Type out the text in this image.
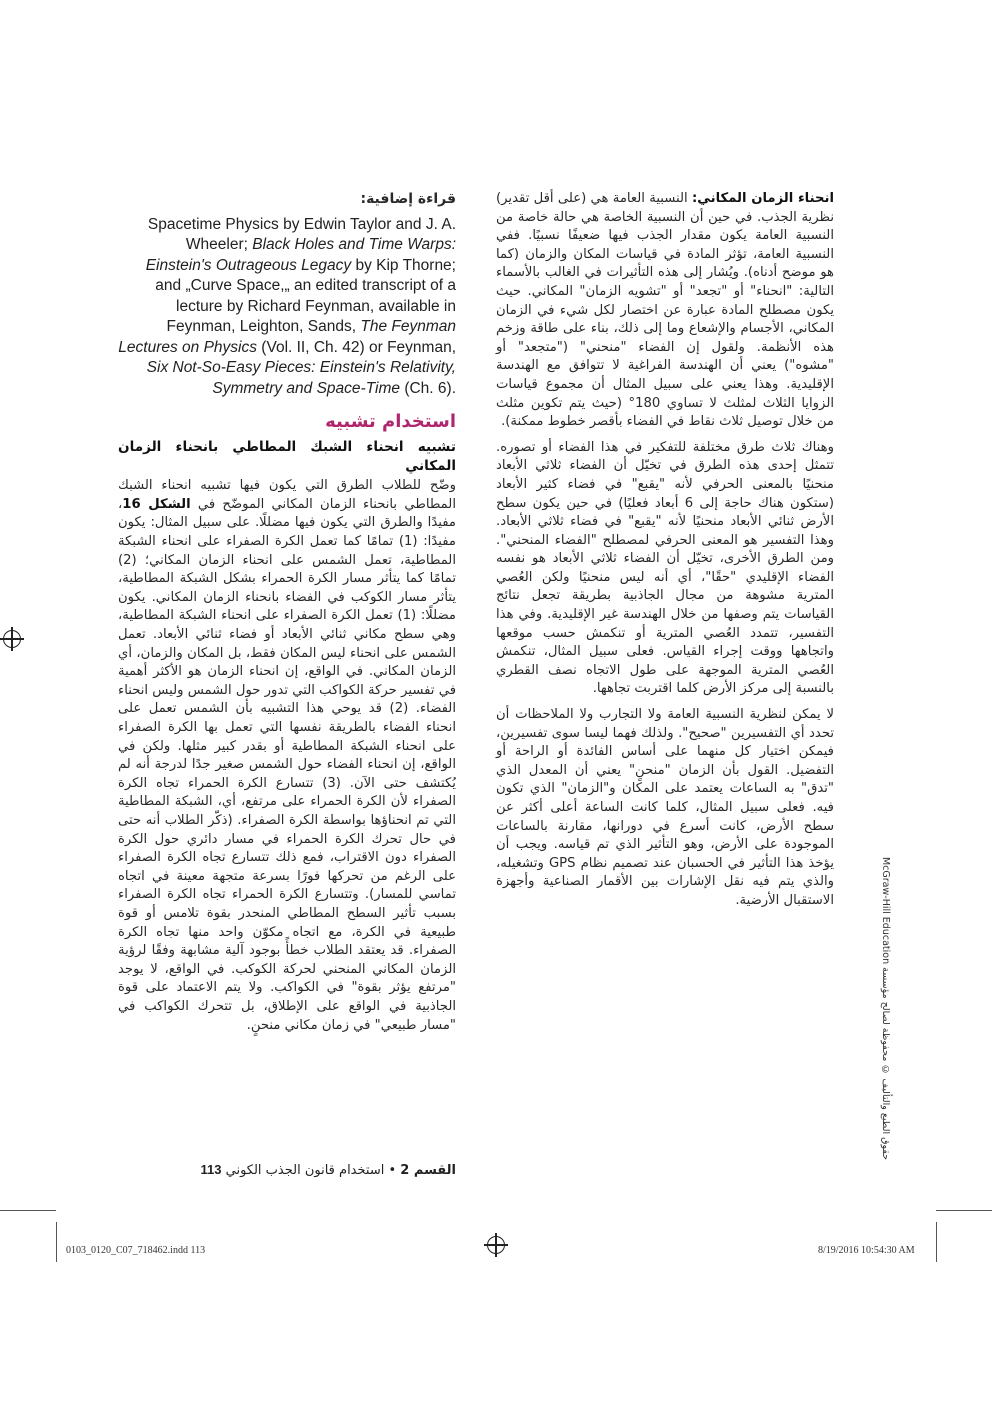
انحناء الزمان المكاني: النسبية العامة هي (على أقل تقدير) نظرية الجذب. في حين أن النسبية الخاصة هي حالة خاصة من النسبية العامة يكون مقدار الجذب فيها ضعيفًا نسبيًا. ففي النسبية العامة، تؤثر المادة في قياسات المكان والزمان (كما هو موضح أدناه). ويُشار إلى هذه التأثيرات في الغالب بالأسماء التالية: "انحناء" أو "تجعد" أو "تشويه الزمان" المكاني. حيث يكون مصطلح المادة عبارة عن اختصار لكل شيء في الزمان المكاني، الأجسام والإشعاع وما إلى ذلك، بناء على طاقة وزخم هذه الأنظمة. ولقول إن الفضاء "منحني" ("متجعد" أو "مشوه") يعني أن الهندسة الفراغية لا تتوافق مع الهندسة الإقليدية. وهذا يعني على سبيل المثال أن مجموع قياسات الزوايا الثلاث لمثلث لا تساوي 180° (حيث يتم تكوين مثلث من خلال توصيل ثلاث نقاط في الفضاء بأقصر خطوط ممكنة).

وهناك ثلاث طرق مختلفة للتفكير في هذا الفضاء أو تصوره. تتمثل إحدى هذه الطرق في تخيّل أن الفضاء ثلاثي الأبعاد منحنيًا بالمعنى الحرفي لأنه "يقبع" في فضاء كثير الأبعاد (ستكون هناك حاجة إلى 6 أبعاد فعليًا) في حين يكون سطح الأرض ثنائي الأبعاد منحنيًا لأنه "يقبع" في فضاء ثلاثي الأبعاد. وهذا التفسير هو المعنى الحرفي لمصطلح "الفضاء المنحني". ومن الطرق الأخرى، تخيّل أن الفضاء ثلاثي الأبعاد هو نفسه الفضاء الإقليدي "حقًا"، أي أنه ليس منحنيًا ولكن العُصي المترية مشوهة من مجال الجاذبية بطريقة تجعل نتائج القياسات يتم وصفها من خلال الهندسة غير الإقليدية. وفي هذا التفسير، تتمدد العُصي المترية أو تنكمش حسب موقعها واتجاهها ووقت إجراء القياس. فعلى سبيل المثال، تنكمش العُصي المترية الموجهة على طول الاتجاه نصف القطري بالنسبة إلى مركز الأرض كلما اقتربت تجاهها.

لا يمكن لنظرية النسبية العامة ولا التجارب ولا الملاحظات أن تحدد أي التفسيرين "صحيح". ولذلك فهما ليسا سوى تفسيرين، فيمكن اختيار كل منهما على أساس الفائدة أو الراحة أو التفضيل. القول بأن الزمان "منحنٍ" يعني أن المعدل الذي "تدق" به الساعات يعتمد على المكان و"الزمان" الذي تكون فيه. فعلى سبيل المثال، كلما كانت الساعة أعلى أكثر عن سطح الأرض، كانت أسرع في دورانها، مقارنة بالساعات الموجودة على الأرض، وهو التأثير الذي تم قياسه. ويجب أن يؤخذ هذا التأثير في الحسبان عند تصميم نظام GPS وتشغيله، والذي يتم فيه نقل الإشارات بين الأقمار الصناعية وأجهزة الاستقبال الأرضية.

قراءة إضافية:
Spacetime Physics by Edwin Taylor and J. A. Wheeler; Black Holes and Time Warps: Einstein's Outrageous Legacy by Kip Thorne; and „Curve Space,„ an edited transcript of a lecture by Richard Feynman, available in Feynman, Leighton, Sands, The Feynman Lectures on Physics (Vol. II, Ch. 42) or Feynman, Six Not-So-Easy Pieces: Einstein's Relativity, Symmetry and Space-Time (Ch. 6).
استخدام تشبيه
تشبيه انحناء الشبك المطاطي بانحناء الزمان المكاني

وضّح للطلاب الطرق التي يكون فيها تشبيه انحناء الشبك المطاطي بانحناء الزمان المكاني الموضّح في الشكل 16، مفيدًا والطرق التي يكون فيها مضللًا. على سبيل المثال: يكون مفيدًا: (1) تمامًا كما تعمل الكرة الصفراء على انحناء الشبكة المطاطية، تعمل الشمس على انحناء الزمان المكاني؛ (2) تمامًا كما يتأثر مسار الكرة الحمراء بشكل الشبكة المطاطية، يتأثر مسار الكوكب في الفضاء بانحناء الزمان المكاني. يكون مضللًا: (1) تعمل الكرة الصفراء على انحناء الشبكة المطاطية، وهي سطح مكاني ثنائي الأبعاد أو فضاء ثنائي الأبعاد. تعمل الشمس على انحناء ليس المكان فقط، بل المكان والزمان، أي الزمان المكاني. في الواقع، إن انحناء الزمان هو الأكثر أهمية في تفسير حركة الكواكب التي تدور حول الشمس وليس انحناء الفضاء. (2) قد يوحي هذا التشبيه بأن الشمس تعمل على انحناء الفضاء بالطريقة نفسها التي تعمل بها الكرة الصفراء على انحناء الشبكة المطاطية أو بقدر كبير مثلها. ولكن في الواقع، إن انحناء الفضاء حول الشمس صغير جدًا لدرجة أنه لم يُكتشف حتى الآن. (3) تتسارع الكرة الحمراء تجاه الكرة الصفراء لأن الكرة الحمراء على مرتفع، أي، الشبكة المطاطية التي تم انحناؤها بواسطة الكرة الصفراء. (ذكّر الطلاب أنه حتى في حال تحرك الكرة الحمراء في مسار دائري حول الكرة الصفراء دون الاقتراب، فمع ذلك تتسارع تجاه الكرة الصفراء على الرغم من تحركها فورًا بسرعة متجهة معينة في اتجاه تماسي للمسار). وتتسارع الكرة الحمراء تجاه الكرة الصفراء بسبب تأثير السطح المطاطي المنحدر بقوة تلامس أو قوة طبيعية في الكرة، مع اتجاه مكوّن واحد منها تجاه الكرة الصفراء. قد يعتقد الطلاب خطأً بوجود آلية مشابهة وفقًا لرؤية الزمان المكاني المنحني لحركة الكوكب. في الواقع، لا يوجد "مرتفع يؤثر بقوة" في الكواكب. ولا يتم الاعتماد على قوة الجاذبية في الواقع على الإطلاق، بل تتحرك الكواكب في "مسار طبيعي" في زمان مكاني منحنٍ.

حقوق الطبع والتأليف © محفوظة لصالح مؤسسة McGraw-Hill Education
القسم 2 • استخدام قانون الجذب الكوني 113
0103_0120_C07_718462.indd 113	8/19/2016 10:54:30 AM
